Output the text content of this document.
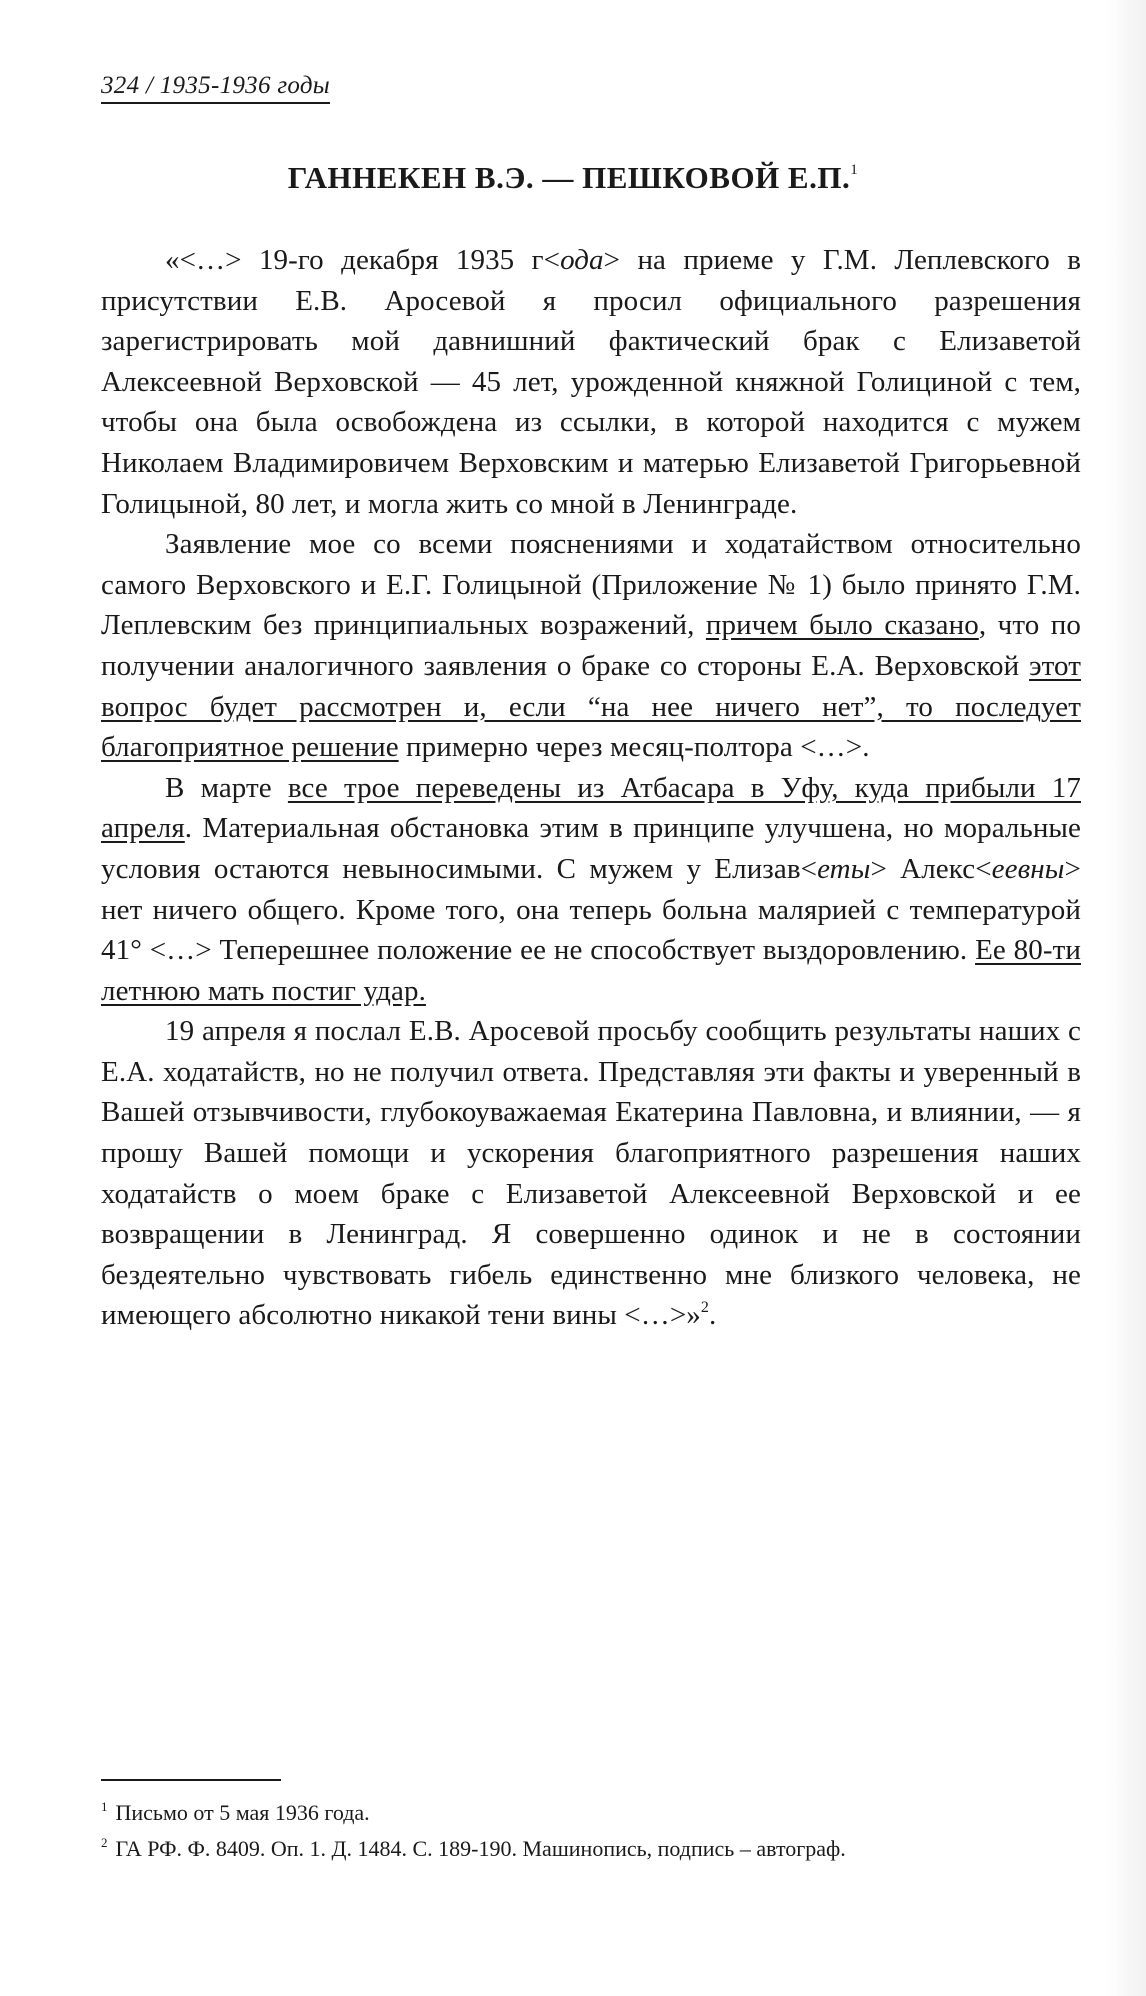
324 / 1935-1936 годы
ГАННЕКЕН В.Э. — ПЕШКОВОЙ Е.П.$^1$

«<…> 19-го декабря 1935 г<ода> на приеме у Г.М. Леплевского в присутствии Е.В. Аросевой я просил официального разрешения зарегистрировать мой давнишний фактический брак с Елизаветой Алексеевной Верховской — 45 лет, урожденной княжной Голициной с тем, чтобы она была освобождена из ссылки, в которой находится с мужем Николаем Владимировичем Верховским и матерью Елизаветой Григорьевной Голицыной, 80 лет, и могла жить со мной в Ленинграде.

Заявление мое со всеми пояснениями и ходатайством относительно самого Верховского и Е.Г. Голицыной (Приложение № 1) было принято Г.М. Леплевским без принципиальных возражений, причем было сказано, что по получении аналогичного заявления о браке со стороны Е.А. Верховской этот вопрос будет рассмотрен и, если “на нее ничего нет”, то последует благоприятное решение примерно через месяц-полтора <…>.

В марте все трое переведены из Атбасара в Уфу, куда прибыли 17 апреля. Материальная обстановка этим в принципе улучшена, но моральные условия остаются невыносимыми. С мужем у Елизав<еты> Алекс<еевны> нет ничего общего. Кроме того, она теперь больна малярией с температурой 41° <…> Теперешнее положение ее не способствует выздоровлению. Ее 80-ти летнюю мать постиг удар.

19 апреля я послал Е.В. Аросевой просьбу сообщить результаты наших с Е.А. ходатайств, но не получил ответа. Представляя эти факты и уверенный в Вашей отзывчивости, глубокоуважаемая Екатерина Павловна, и влиянии, — я прошу Вашей помощи и ускорения благоприятного разрешения наших ходатайств о моем браке с Елизаветой Алексеевной Верховской и ее возвращении в Ленинград. Я совершенно одинок и не в состоянии бездеятельно чувствовать гибель единственно мне близкого человека, не имеющего абсолютно никакой тени вины <…>»$^2$.

$^1$ Письмо от 5 мая 1936 года.
$^2$ ГА РФ. Ф. 8409. Оп. 1. Д. 1484. С. 189-190. Машинопись, подпись – автограф.
